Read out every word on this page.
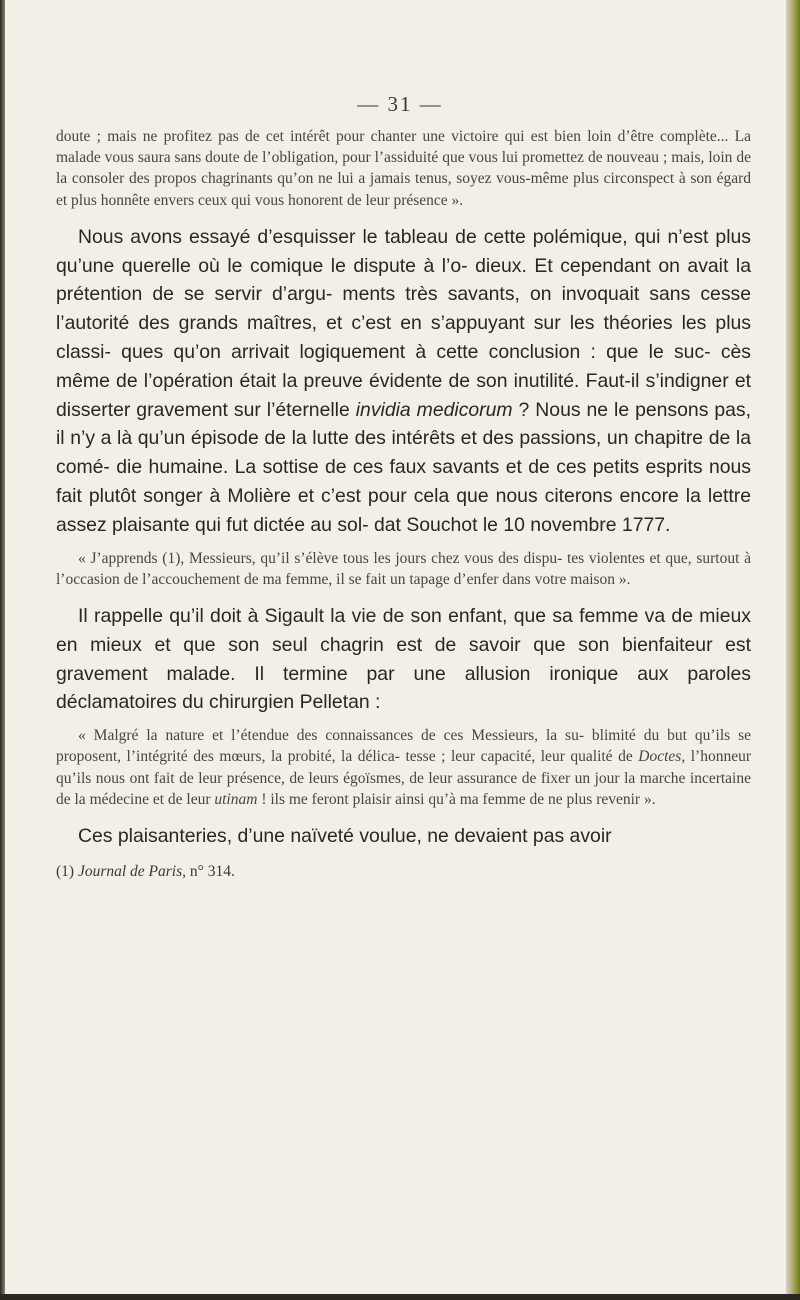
— 31 —

doute ; mais ne profitez pas de cet intérêt pour chanter une victoire qui est bien loin d’être complète... La malade vous saura sans doute de l’obligation, pour l’assiduité que vous lui promettez de nouveau ; mais, loin de la consoler des propos chagrinants qu’on ne lui a jamais tenus, soyez vous-même plus circonspect à son égard et plus honnête envers ceux qui vous honorent de leur présence ».

Nous avons essayé d’esquisser le tableau de cette polémique, qui n’est plus qu’une querelle où le comique le dispute à l’o- dieux. Et cependant on avait la prétention de se servir d’argu- ments très savants, on invoquait sans cesse l’autorité des grands maîtres, et c’est en s’appuyant sur les théories les plus classi- ques qu’on arrivait logiquement à cette conclusion : que le suc- cès même de l’opération était la preuve évidente de son inutilité. Faut-il s’indigner et disserter gravement sur l’éternelle invidia medicorum ? Nous ne le pensons pas, il n’y a là qu’un épisode de la lutte des intérêts et des passions, un chapitre de la comé- die humaine. La sottise de ces faux savants et de ces petits esprits nous fait plutôt songer à Molière et c’est pour cela que nous citerons encore la lettre assez plaisante qui fut dictée au sol- dat Souchot le 10 novembre 1777.

« J’apprends (1), Messieurs, qu’il s’élève tous les jours chez vous des dispu- tes violentes et que, surtout à l’occasion de l’accouchement de ma femme, il se fait un tapage d’enfer dans votre maison ».

Il rappelle qu’il doit à Sigault la vie de son enfant, que sa femme va de mieux en mieux et que son seul chagrin est de savoir que son bienfaiteur est gravement malade. Il termine par une allusion ironique aux paroles déclamatoires du chirurgien Pelletan :

« Malgré la nature et l’étendue des connaissances de ces Messieurs, la su- blimité du but qu’ils se proposent, l’intégrité des mœurs, la probité, la délica- tesse ; leur capacité, leur qualité de Doctes, l’honneur qu’ils nous ont fait de leur présence, de leurs égoïsmes, de leur assurance de fixer un jour la marche incertaine de la médecine et de leur utinam ! ils me feront plaisir ainsi qu’à ma femme de ne plus revenir ».

Ces plaisanteries, d’une naïveté voulue, ne devaient pas avoir

(1) Journal de Paris, n° 314.
